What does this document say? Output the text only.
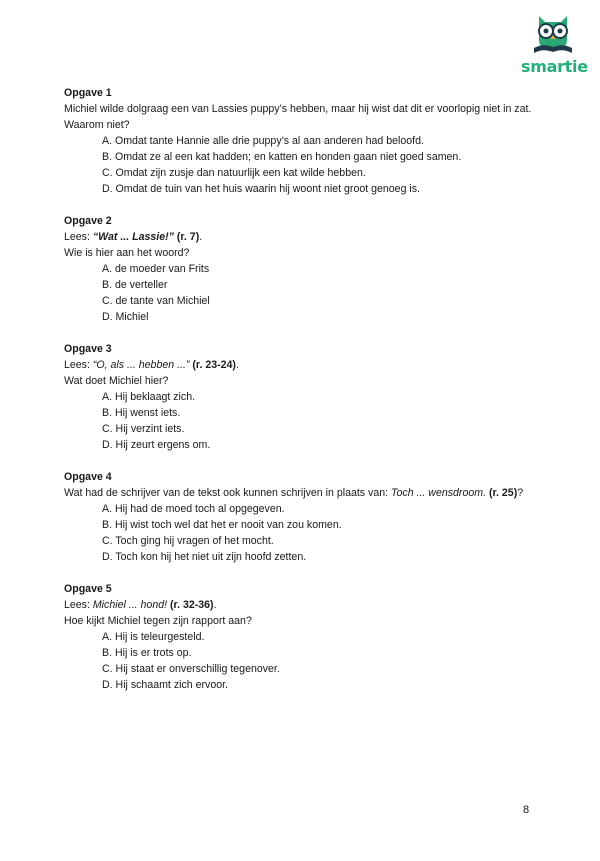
smartie
Opgave 1
Michiel wilde dolgraag een van Lassies puppy’s hebben, maar hij wist dat dit er voorlopig niet in zat.
Waarom niet?
A. Omdat tante Hannie alle drie puppy’s al aan anderen had beloofd.
B. Omdat ze al een kat hadden; en katten en honden gaan niet goed samen.
C. Omdat zijn zusje dan natuurlijk een kat wilde hebben.
D. Omdat de tuin van het huis waarin hij woont niet groot genoeg is.
Opgave 2
Lees: “Wat ... Lassie!” (r. 7).
Wie is hier aan het woord?
A. de moeder van Frits
B. de verteller
C. de tante van Michiel
D. Michiel
Opgave 3
Lees: “O, als ... hebben ...” (r. 23-24).
Wat doet Michiel hier?
A. Hij beklaagt zich.
B. Hij wenst iets.
C. Hij verzint iets.
D. Hij zeurt ergens om.
Opgave 4
Wat had de schrijver van de tekst ook kunnen schrijven in plaats van: Toch ... wensdroom. (r. 25)?
A. Hij had de moed toch al opgegeven.
B. Hij wist toch wel dat het er nooit van zou komen.
C. Toch ging hij vragen of het mocht.
D. Toch kon hij het niet uit zijn hoofd zetten.
Opgave 5
Lees: Michiel ... hond! (r. 32-36).
Hoe kijkt Michiel tegen zijn rapport aan?
A. Hij is teleurgesteld.
B. Hij is er trots op.
C. Hij staat er onverschillig tegenover.
D. Hij schaamt zich ervoor.
8
